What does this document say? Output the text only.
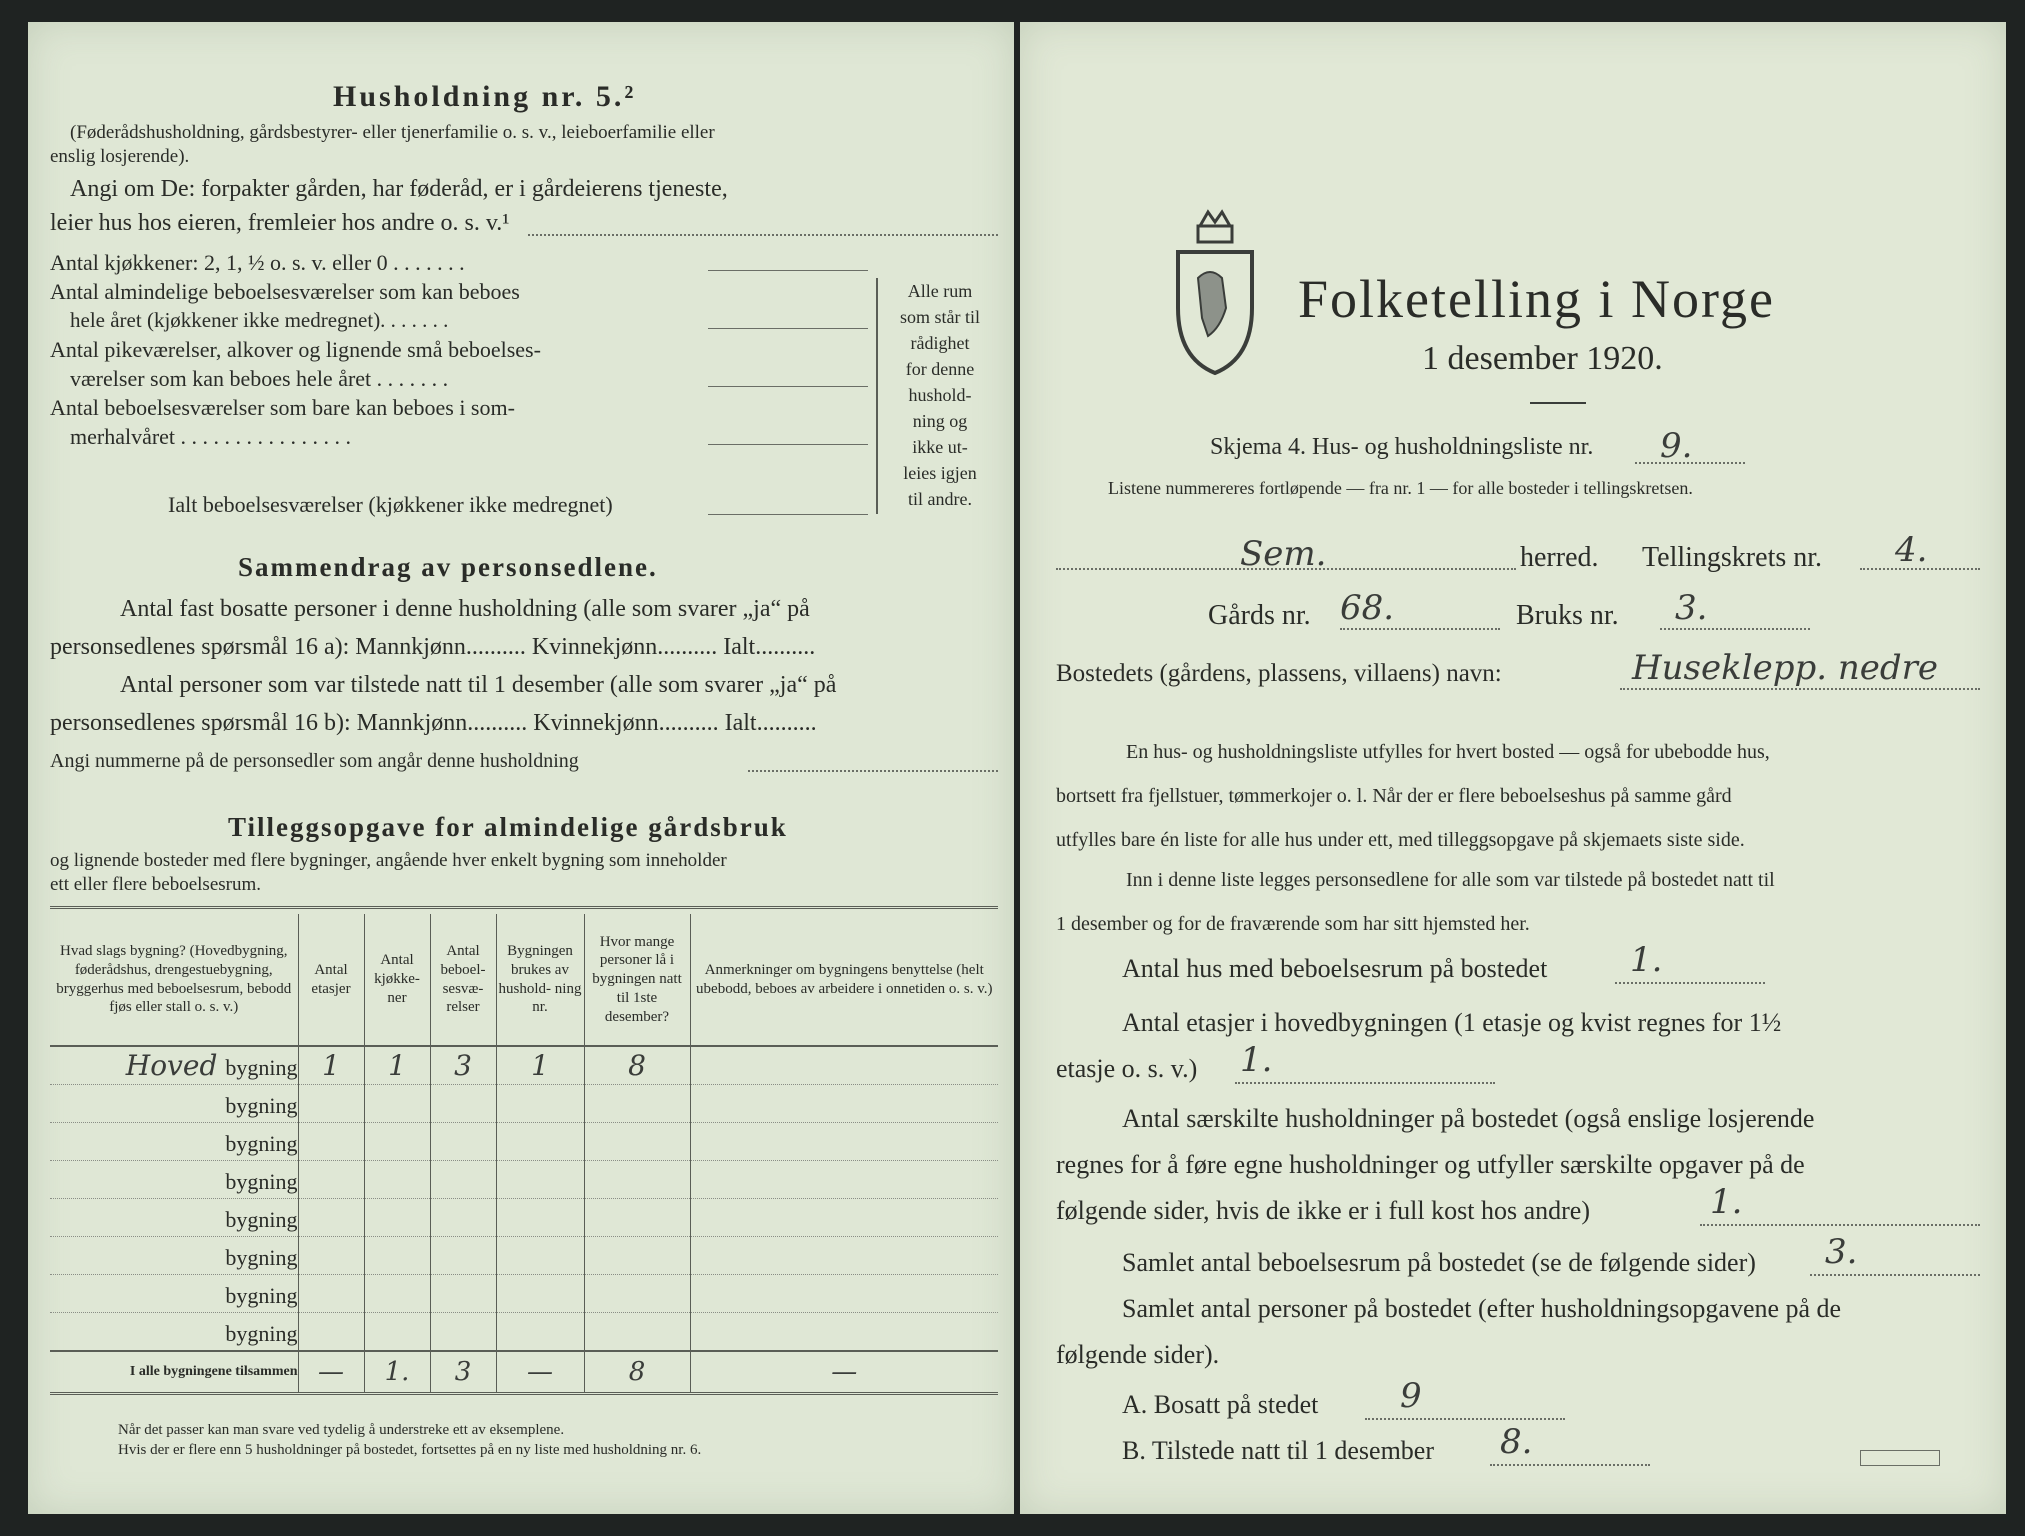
Husholdning nr. 5.²
(Føderådshusholdning, gårdsbestyrer- eller tjenerfamilie o. s. v., leieboerfamilie eller
enslig losjerende).
Angi om De: forpakter gården, har føderåd, er i gårdeierens tjeneste,
leier hus hos eieren, fremleier hos andre o. s. v.¹
Antal kjøkkener: 2, 1, ½ o. s. v. eller 0 . . . . . . .
Antal almindelige beboelsesværelser som kan beboes
hele året (kjøkkener ikke medregnet). . . . . . .
Antal pikeværelser, alkover og lignende små beboelses-
værelser som kan beboes hele året . . . . . . .
Antal beboelsesværelser som bare kan beboes i som-
merhalvåret . . . . . . . . . . . . . . . .
Ialt beboelsesværelser (kjøkkener ikke medregnet)
Alle rum
som står til
rådighet
for denne
hushold-
ning og
ikke ut-
leies igjen
til andre.
Sammendrag av personsedlene.
Antal fast bosatte personer i denne husholdning (alle som svarer „ja“ på
personsedlenes spørsmål 16 a): Mannkjønn.......... Kvinnekjønn.......... Ialt..........
Antal personer som var tilstede natt til 1 desember (alle som svarer „ja“ på
personsedlenes spørsmål 16 b): Mannkjønn.......... Kvinnekjønn.......... Ialt..........
Angi nummerne på de personsedler som angår denne husholdning
Tilleggsopgave for almindelige gårdsbruk
og lignende bosteder med flere bygninger, angående hver enkelt bygning som inneholder
ett eller flere beboelsesrum.
Hvad slags bygning? (Hovedbygning, føderådshus, drengestuebygning, bryggerhus med beboelsesrum, bebodd fjøs eller stall o. s. v.)	Antal etasjer	Antal kjøkke- ner	Antal beboel- sesvæ- relser	Bygningen brukes av hushold- ning nr.	Hvor mange personer lå i bygningen natt til 1ste desember?	Anmerkninger om bygningens benyttelse (helt ubebodd, beboes av arbeidere i onnetiden o. s. v.)
Hoved bygning	1	1	3	1	8	
bygning						
bygning						
bygning						
bygning						
bygning						
bygning						
bygning						
I alle bygningene tilsammen	—	1.	3	—	8	—
Når det passer kan man svare ved tydelig å understreke ett av eksemplene.
Hvis der er flere enn 5 husholdninger på bostedet, fortsettes på en ny liste med husholdning nr. 6.
Folketelling i Norge
1 desember 1920.
Skjema 4. Hus- og husholdningsliste nr. 9.
Listene nummereres fortløpende — fra nr. 1 — for alle bosteder i tellingskretsen.
Sem.	herred. Tellingskrets nr. 4.
Gårds nr. 68.	Bruks nr. 3.
Bostedets (gårdens, plassens, villaens) navn:	Huseklepp. nedre
En hus- og husholdningsliste utfylles for hvert bosted — også for ubebodde hus,
bortsett fra fjellstuer, tømmerkojer o. l. Når der er flere beboelseshus på samme gård
utfylles bare én liste for alle hus under ett, med tilleggsopgave på skjemaets siste side.
Inn i denne liste legges personsedlene for alle som var tilstede på bostedet natt til
1 desember og for de fraværende som har sitt hjemsted her.
Antal hus med beboelsesrum på bostedet 1.
Antal etasjer i hovedbygningen (1 etasje og kvist regnes for 1½
etasje o. s. v.) 1.
Antal særskilte husholdninger på bostedet (også enslige losjerende
regnes for å føre egne husholdninger og utfyller særskilte opgaver på de
følgende sider, hvis de ikke er i full kost hos andre)	1.
Samlet antal beboelsesrum på bostedet (se de følgende sider) 3.
Samlet antal personer på bostedet (efter husholdningsopgavene på de
følgende sider).
A. Bosatt på stedet 9
B. Tilstede natt til 1 desember 8.
